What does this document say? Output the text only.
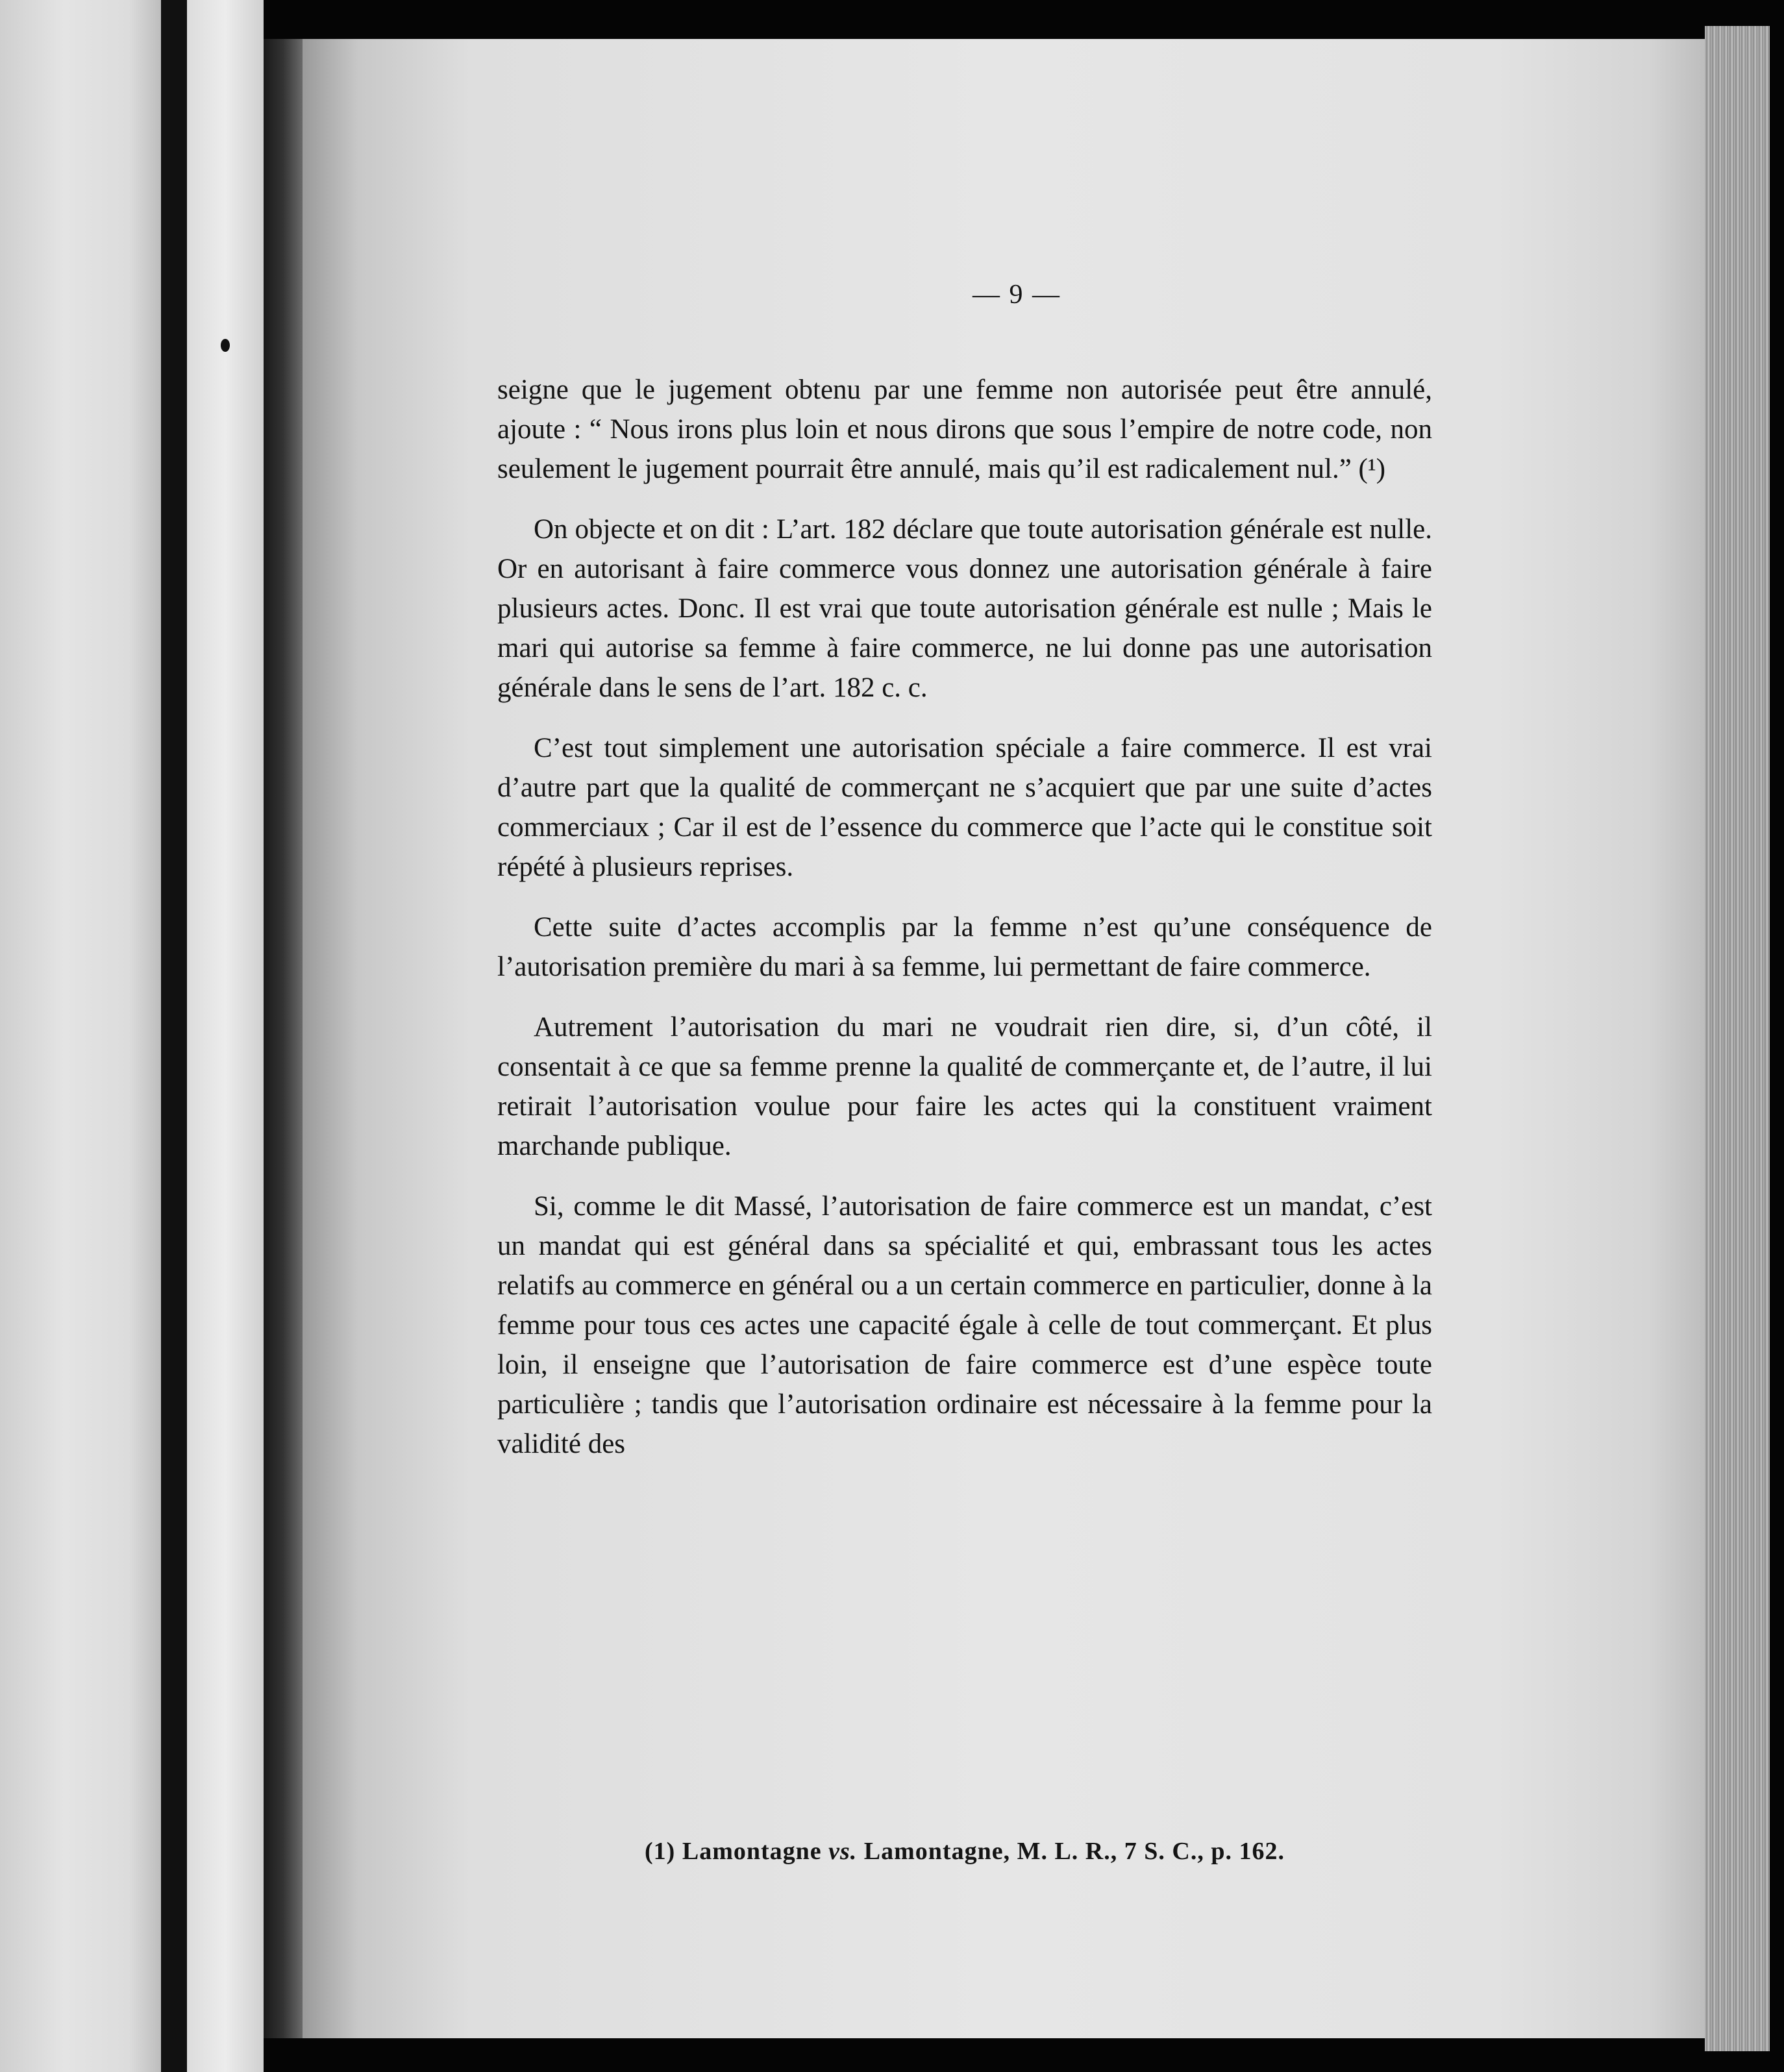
— 9 —

seigne que le jugement obtenu par une femme non autorisée peut être annulé, ajoute : “ Nous irons plus loin et nous dirons que sous l’empire de notre code, non seulement le jugement pourrait être annulé, mais qu’il est radicalement nul.” (¹)

On objecte et on dit : L’art. 182 déclare que toute autorisation générale est nulle. Or en autorisant à faire commerce vous donnez une autorisation générale à faire plusieurs actes. Donc. Il est vrai que toute autorisation générale est nulle ; Mais le mari qui autorise sa femme à faire commerce, ne lui donne pas une autorisation générale dans le sens de l’art. 182 c. c.

C’est tout simplement une autorisation spéciale a faire commerce. Il est vrai d’autre part que la qualité de commerçant ne s’acquiert que par une suite d’actes commerciaux ; Car il est de l’essence du commerce que l’acte qui le constitue soit répété à plusieurs reprises.

Cette suite d’actes accomplis par la femme n’est qu’une conséquence de l’autorisation première du mari à sa femme, lui permettant de faire commerce.

Autrement l’autorisation du mari ne voudrait rien dire, si, d’un côté, il consentait à ce que sa femme prenne la qualité de commerçante et, de l’autre, il lui retirait l’autorisation voulue pour faire les actes qui la constituent vraiment marchande publique.

Si, comme le dit Massé, l’autorisation de faire commerce est un mandat, c’est un mandat qui est général dans sa spécialité et qui, embrassant tous les actes relatifs au commerce en général ou a un certain commerce en particulier, donne à la femme pour tous ces actes une capacité égale à celle de tout commerçant. Et plus loin, il enseigne que l’autorisation de faire commerce est d’une espèce toute particulière ; tandis que l’autorisation ordinaire est nécessaire à la femme pour la validité des

(1) Lamontagne vs. Lamontagne, M. L. R., 7 S. C., p. 162.
